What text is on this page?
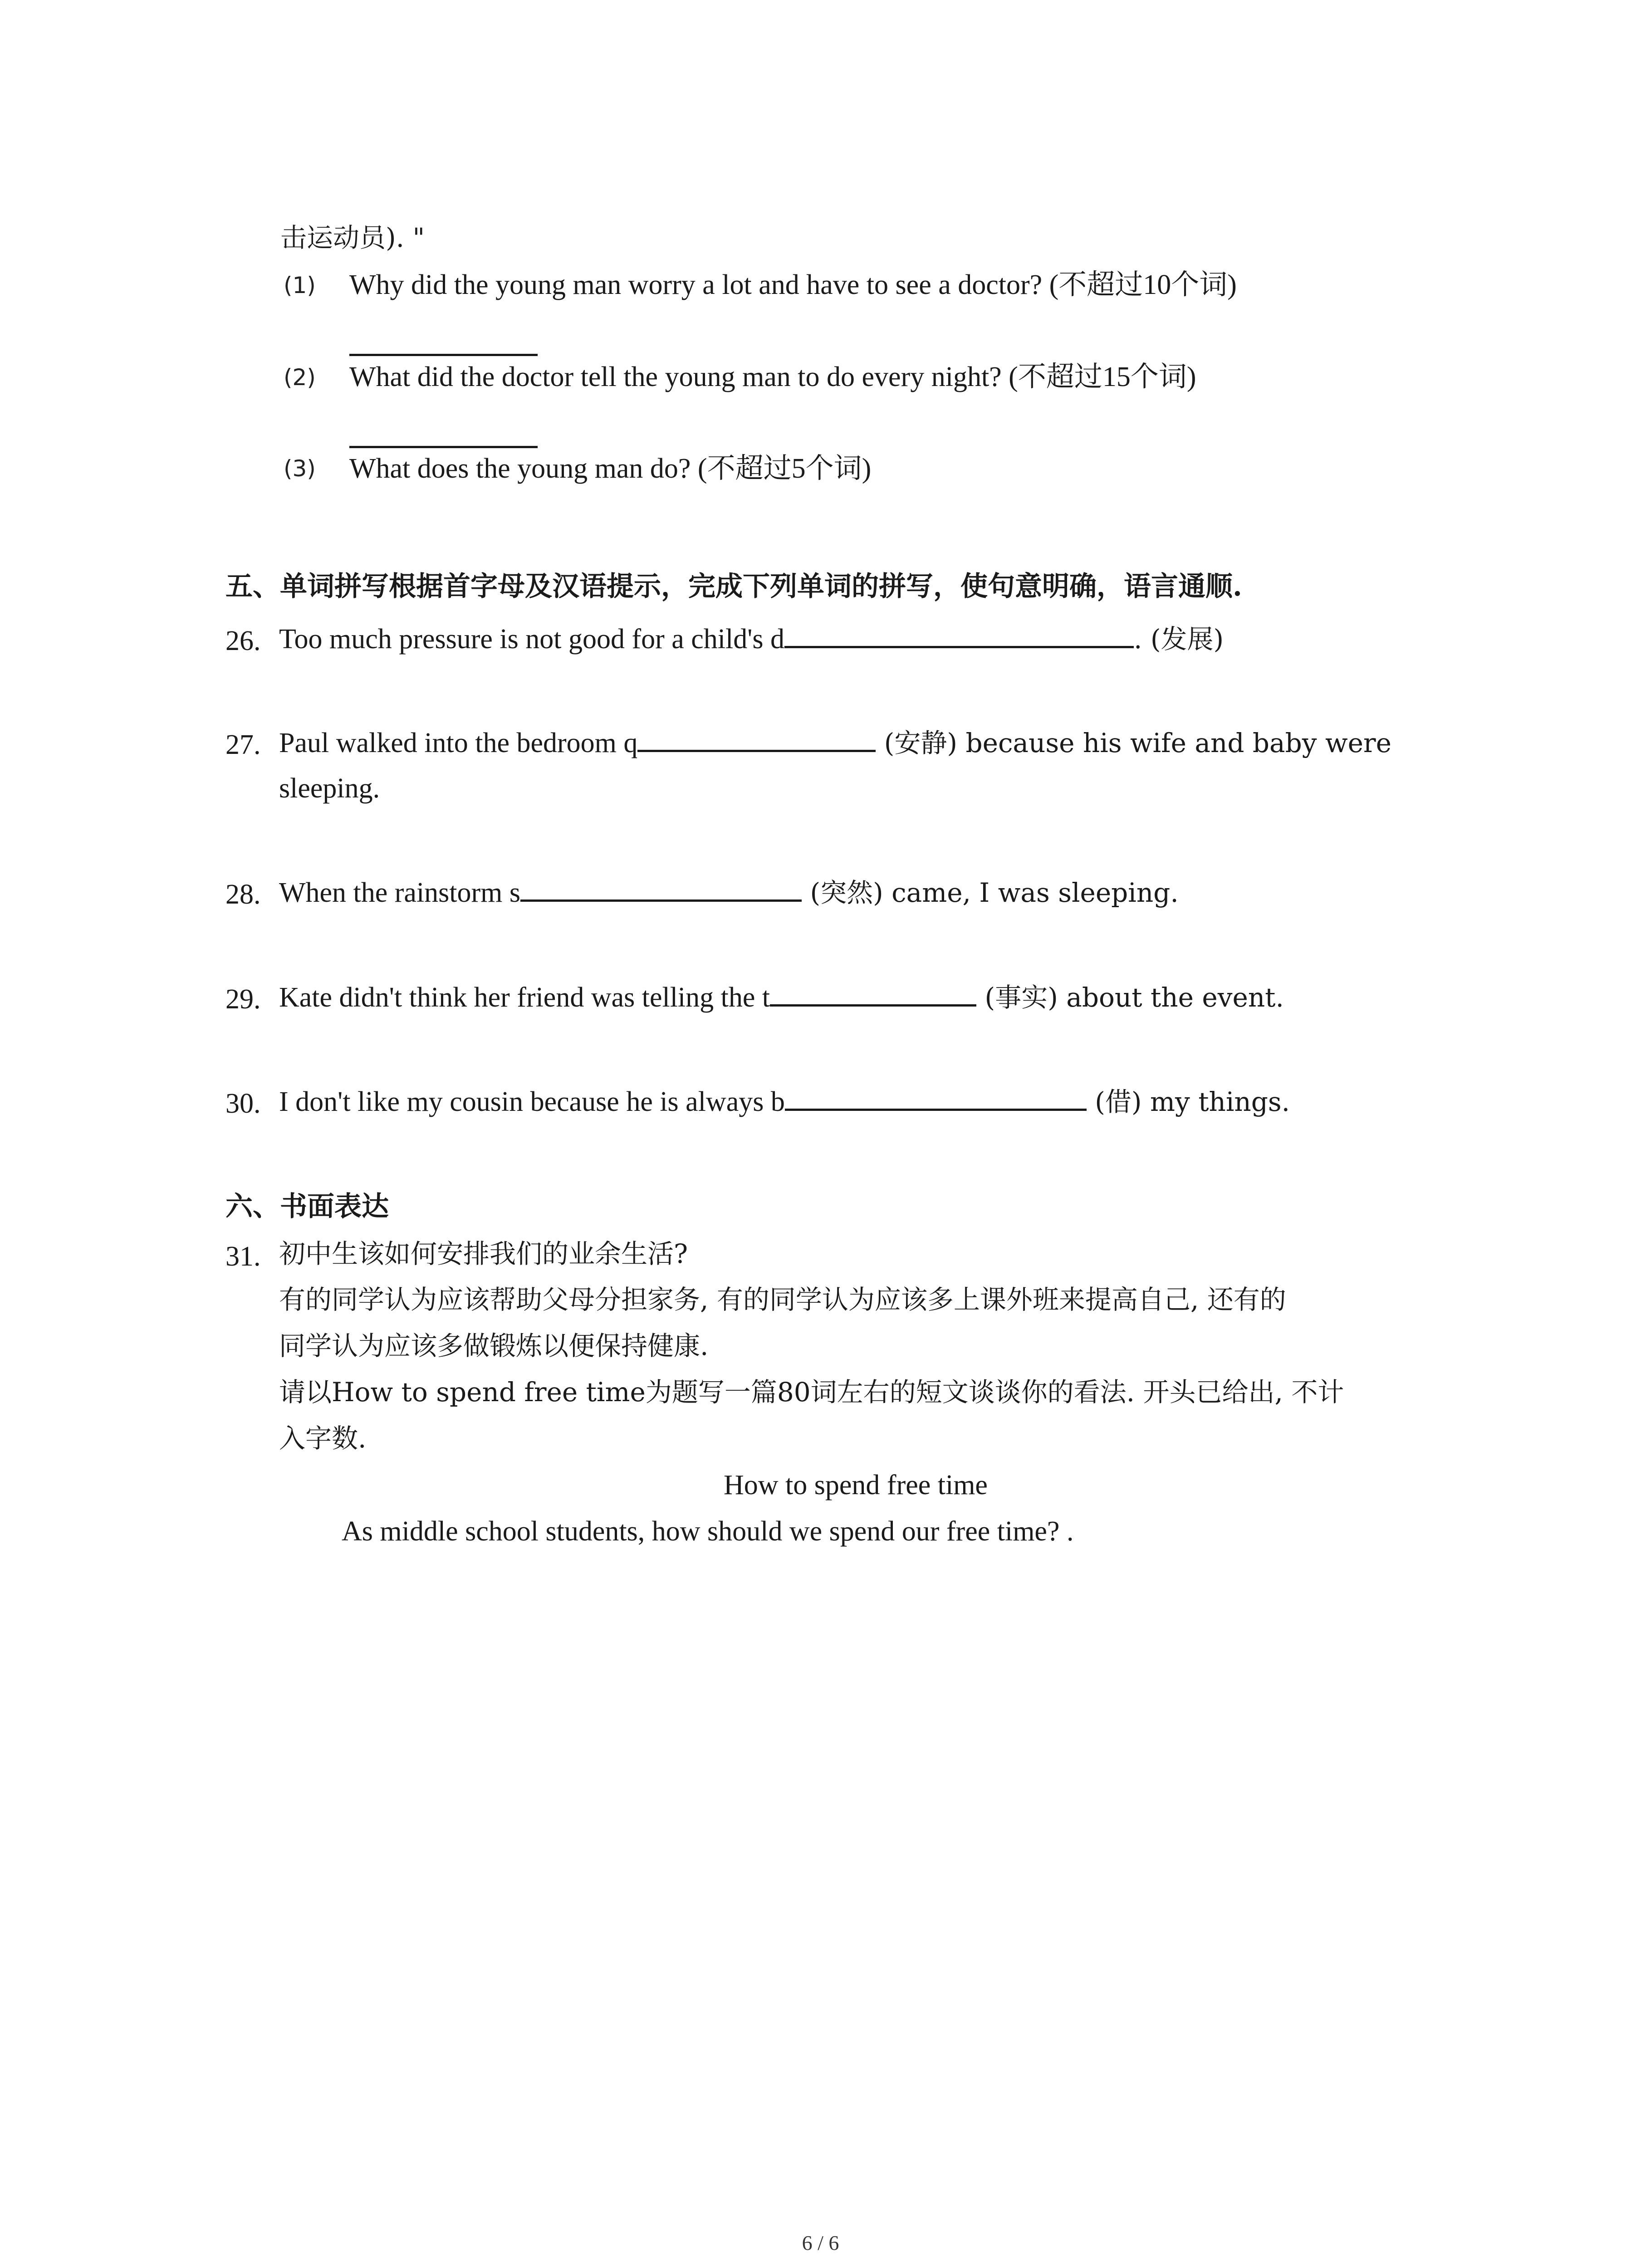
击运动员). "
(1) Why did the young man worry a lot and have to see a doctor? (不超过10个词)
(2) What did the doctor tell the young man to do every night? (不超过15个词)
(3) What does the young man do? (不超过5个词)
五、单词拼写根据首字母及汉语提示，完成下列单词的拼写，使句意明确，语言通顺.
26. Too much pressure is not good for a child's d	. (发展)
27. Paul walked into the bedroom q	(安静) because his wife and baby were
sleeping.
28. When the rainstorm s	(突然) came, I was sleeping.
29. Kate didn't think her friend was telling the t	(事实) about the event.
30. I don't like my cousin because he is always b	(借) my things.
六、书面表达
31. 初中生该如何安排我们的业余生活?
有的同学认为应该帮助父母分担家务, 有的同学认为应该多上课外班来提高自己, 还有的
同学认为应该多做锻炼以便保持健康.
请以How to spend free time为题写一篇80词左右的短文谈谈你的看法. 开头已给出, 不计
入字数.
How to spend free time
As middle school students, how should we spend our free time? .
6 / 6
